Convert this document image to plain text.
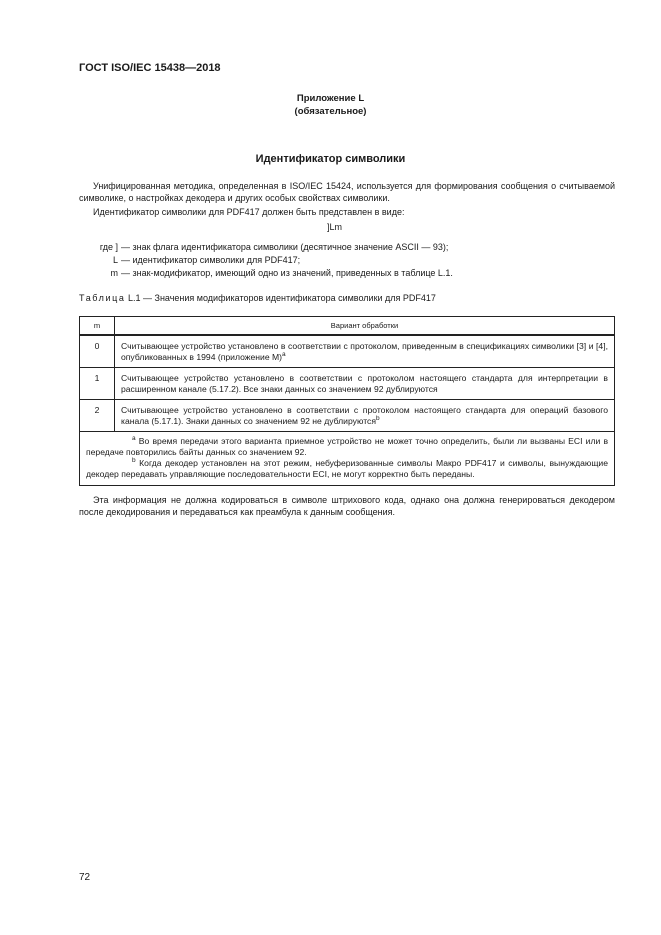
ГОСТ ISO/IEC 15438—2018
Приложение L
(обязательное)
Идентификатор символики
Унифицированная методика, определенная в ISO/IEC 15424, используется для формирования сообщения о считываемой символике, о настройках декодера и других особых свойствах символики.
Идентификатор символики для PDF417 должен быть представлен в виде:
]Lm
где ] — знак флага идентификатора символики (десятичное значение ASCII — 93);
L — идентификатор символики для PDF417;
m — знак-модификатор, имеющий одно из значений, приведенных в таблице L.1.
Таблица L.1 — Значения модификаторов идентификатора символики для PDF417
m	Вариант обработки
0	Считывающее устройство установлено в соответствии с протоколом, приведенным в спецификациях символики [3] и [4], опубликованных в 1994 (приложение М)$^a$
1	Считывающее устройство установлено в соответствии с протоколом настоящего стандарта для интерпретации в расширенном канале (5.17.2). Все знаки данных со значением 92 дублируются
2	Считывающее устройство установлено в соответствии с протоколом настоящего стандарта для операций базового канала (5.17.1). Знаки данных со значением 92 не дублируются$^b$

$^a$ Во время передачи этого варианта приемное устройство не может точно определить, были ли вызваны ECI или в передаче повторились байты данных со значением 92.
$^b$ Когда декодер установлен на этот режим, небуферизованные символы Макро PDF417 и символы, вынуждающие декодер передавать управляющие последовательности ECI, не могут корректно быть переданы.	
Эта информация не должна кодироваться в символе штрихового кода, однако она должна генерироваться декодером после декодирования и передаваться как преамбула к данным сообщения.
72
